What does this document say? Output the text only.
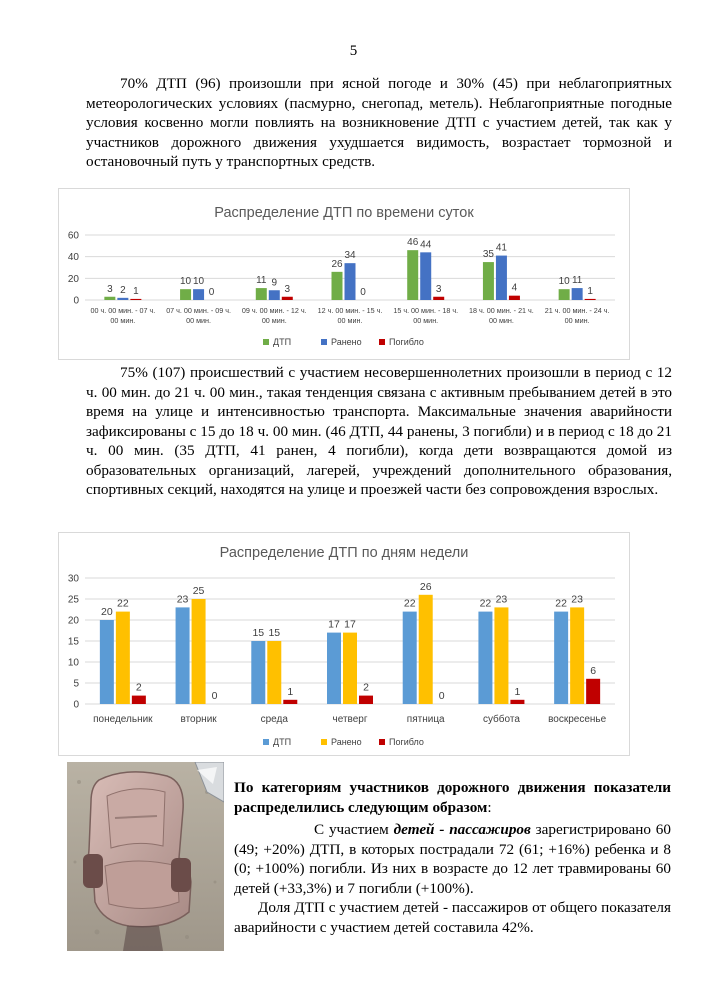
5

70% ДТП (96) произошли при ясной погоде и 30% (45) при неблагоприятных метеорологических условиях (пасмурно, снегопад, метель). Неблагоприятные погодные условия косвенно могли повлиять на возникновение ДТП с участием детей, так как у участников дорожного движения ухудшается видимость, возрастает тормозной и остановочный путь у транспортных средств.

Распределение ДТП по времени суток
0
20
40
60
3 2 1
00 ч. 00 мин. - 07 ч.
00 мин.
10 10
0
07 ч. 00 мин. - 09 ч.
00 мин.
11 9
3
09 ч. 00 мин. - 12 ч.
00 мин.
26
34
0
12 ч. 00 мин. - 15 ч.
00 мин.
46 44
3
15 ч. 00 мин. - 18 ч.
00 мин.
35
41
4
18 ч. 00 мин. - 21 ч.
00 мин.
10 11
1
21 ч. 00 мин. - 24 ч.
00 мин.
ДТП	Ранено	Погибло

75% (107) происшествий с участием несовершеннолетних произошли в период с 12 ч. 00 мин. до 21 ч. 00 мин., такая тенденция связана с активным пребыванием детей в это время на улице и интенсивностью транспорта. Максимальные значения аварийности зафиксированы с 15 до 18 ч. 00 мин. (46 ДТП, 44 ранены, 3 погибли) и в период с 18 до 21 ч. 00 мин. (35 ДТП, 41 ранен, 4 погибли), когда дети возвращаются домой из образовательных организаций, лагерей, учреждений дополнительного образования, спортивных секций, находятся на улице и проезжей части без сопровождения взрослых.

Распределение ДТП по дням недели
0
5
10
15
20
25
30
20
22
2
понедельник
23
25
0
вторник
15 15
1
среда
17 17
2
четверг
22
26
0
пятница
22 23
1
суббота
22 23
6
воскресенье
ДТП	Ранено	Погибло

По категориям участников дорожного движения показатели распределились следующим образом:

С участием детей - пассажиров зарегистрировано 60 (49; +20%) ДТП, в которых пострадали 72 (61; +16%) ребенка и 8 (0; +100%) погибли. Из них в возрасте до 12 лет травмированы 60 детей (+33,3%) и 7 погибли (+100%).

Доля ДТП с участием детей - пассажиров от общего показателя аварийности с участием детей составила 42%.
